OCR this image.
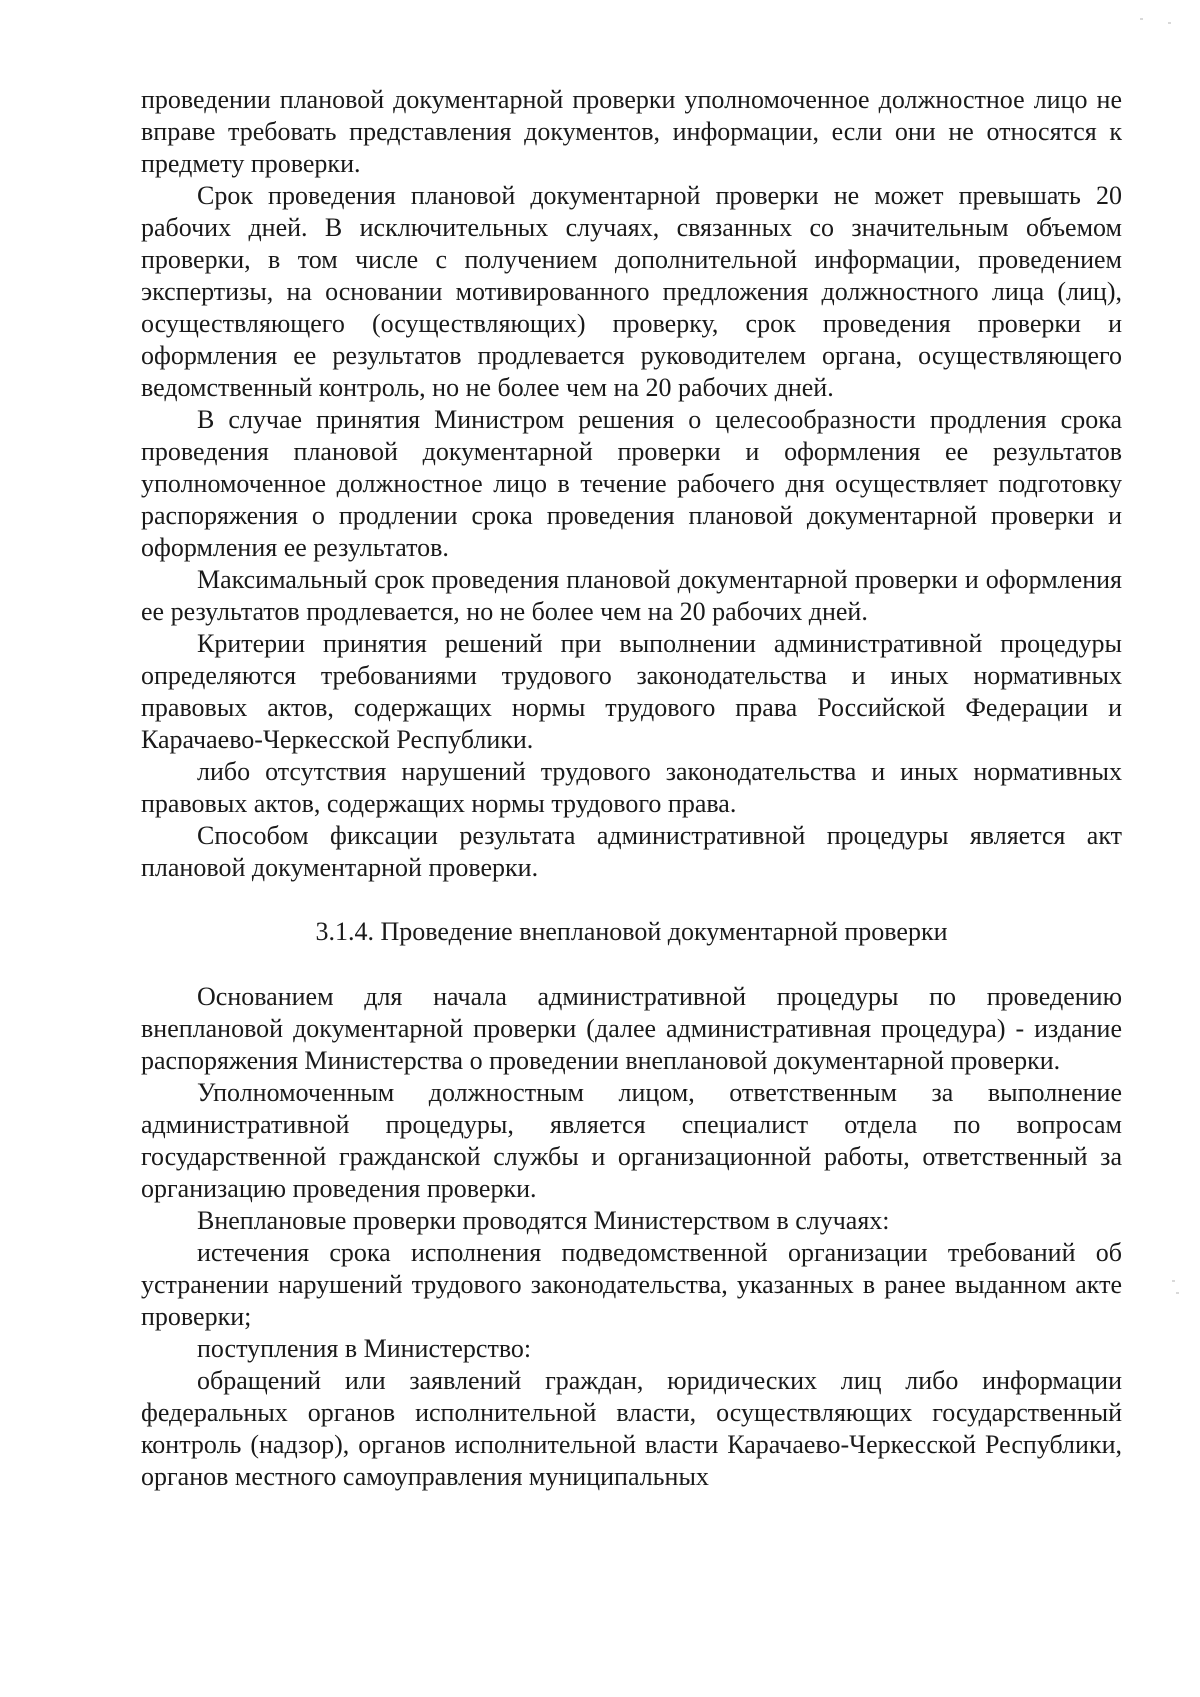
проведении плановой документарной проверки уполномоченное должностное лицо не вправе требовать представления документов, информации, если они не относятся к предмету проверки.

Срок проведения плановой документарной проверки не может превышать 20 рабочих дней. В исключительных случаях, связанных со значительным объемом проверки, в том числе с получением дополнительной информации, проведением экспертизы, на основании мотивированного предложения должностного лица (лиц), осуществляющего (осуществляющих) проверку, срок проведения проверки и оформления ее результатов продлевается руководителем органа, осуществляющего ведомственный контроль, но не более чем на 20 рабочих дней.

В случае принятия Министром решения о целесообразности продления срока проведения плановой документарной проверки и оформления ее результатов уполномоченное должностное лицо в течение рабочего дня осуществляет подготовку распоряжения о продлении срока проведения плановой документарной проверки и оформления ее результатов.

Максимальный срок проведения плановой документарной проверки и оформления ее результатов продлевается, но не более чем на 20 рабочих дней.

Критерии принятия решений при выполнении административной процедуры определяются требованиями трудового законодательства и иных нормативных правовых актов, содержащих нормы трудового права Российской Федерации и Карачаево-Черкесской Республики.

либо отсутствия нарушений трудового законодательства и иных нормативных правовых актов, содержащих нормы трудового права.

Способом фиксации результата административной процедуры является акт плановой документарной проверки.

3.1.4. Проведение внеплановой документарной проверки

Основанием для начала административной процедуры по проведению внеплановой документарной проверки (далее административная процедура) - издание распоряжения Министерства о проведении внеплановой документарной проверки.

Уполномоченным должностным лицом, ответственным за выполнение административной процедуры, является специалист отдела по вопросам государственной гражданской службы и организационной работы, ответственный за организацию проведения проверки.

Внеплановые проверки проводятся Министерством в случаях:

истечения срока исполнения подведомственной организации требований об устранении нарушений трудового законодательства, указанных в ранее выданном акте проверки;

поступления в Министерство:

обращений или заявлений граждан, юридических лиц либо информации федеральных органов исполнительной власти, осуществляющих государственный контроль (надзор), органов исполнительной власти Карачаево-Черкесской Республики, органов местного самоуправления муниципальных
